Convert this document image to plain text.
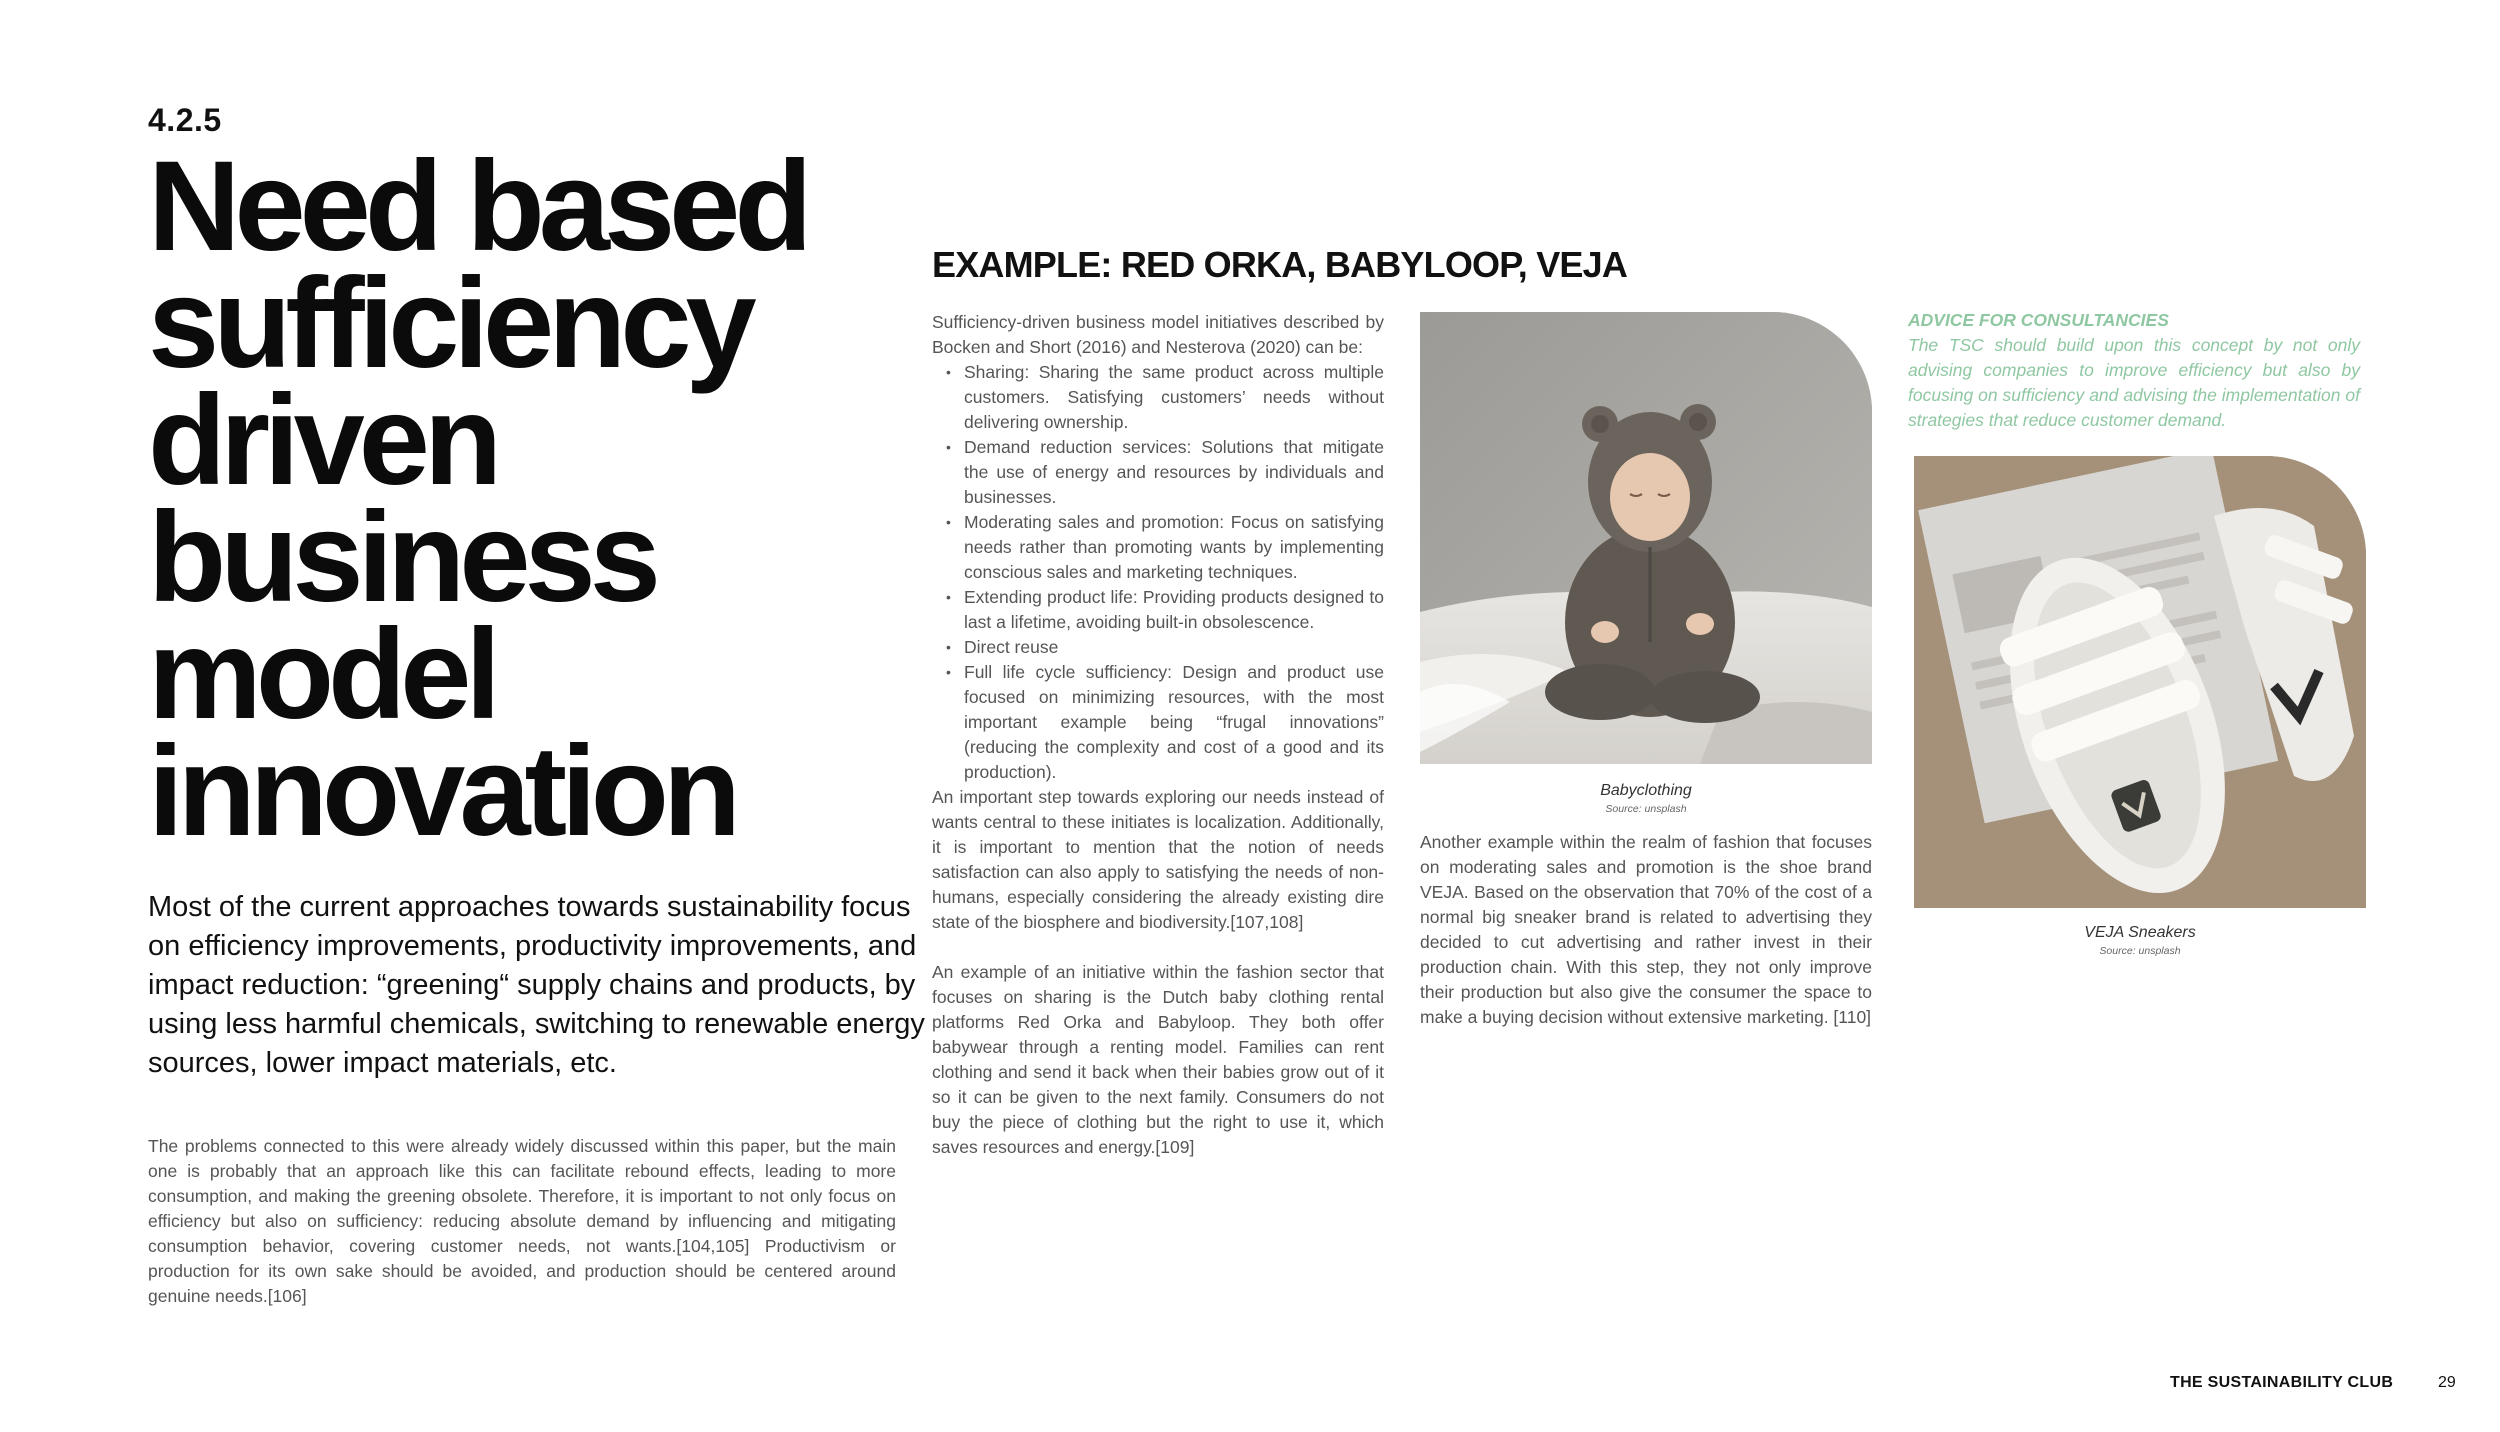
4.2.5
Need based
sufficiency
driven
business
model
innovation
Most of the current approaches towards sustainability focus on efficiency improvements, productivity improvements, and impact reduction: “greening“ supply chains and products, by using less harmful chemicals, switching to renewable energy sources, lower impact materials, etc.
The problems connected to this were already widely discussed within this paper, but the main one is probably that an approach like this can facilitate rebound effects, leading to more consumption, and making the greening obsolete. Therefore, it is important to not only focus on efficiency but also on sufficiency: reducing absolute demand by influencing and mitigating consumption behavior, covering customer needs, not wants.[104,105] Productivism or production for its own sake should be avoided, and production should be centered around genuine needs.[106]
EXAMPLE: RED ORKA, BABYLOOP, VEJA

Sufficiency-driven business model initiatives described by Bocken and Short (2016) and Nesterova (2020) can be:

• Sharing: Sharing the same product across multiple customers. Satisfying customers’ needs without delivering ownership.
• Demand reduction services: Solutions that mitigate the use of energy and resources by individuals and businesses.
• Moderating sales and promotion: Focus on satisfying needs rather than promoting wants by implementing conscious sales and marketing techniques.
• Extending product life: Providing products designed to last a lifetime, avoiding built-in obsolescence.
• Direct reuse
• Full life cycle sufficiency: Design and product use focused on minimizing resources, with the most important example being “frugal innovations” (reducing the complexity and cost of a good and its production).

An important step towards exploring our needs instead of wants central to these initiates is localization. Additionally, it is important to mention that the notion of needs satisfaction can also apply to satisfying the needs of non-humans, especially considering the already existing dire state of the biosphere and biodiversity.[107,108]

An example of an initiative within the fashion sector that focuses on sharing is the Dutch baby clothing rental platforms Red Orka and Babyloop. They both offer babywear through a renting model. Families can rent clothing and send it back when their babies grow out of it so it can be given to the next family. Consumers do not buy the piece of clothing but the right to use it, which saves resources and energy.[109]

Babyclothing
Source: unsplash
Another example within the realm of fashion that focuses on moderating sales and promotion is the shoe brand VEJA. Based on the observation that 70% of the cost of a normal big sneaker brand is related to advertising they decided to cut advertising and rather invest in their production chain. With this step, they not only improve their production but also give the consumer the space to make a buying decision without extensive marketing. [110]
ADVICE FOR CONSULTANCIES
The TSC should build upon this concept by not only advising companies to improve efficiency but also by focusing on sufficiency and advising the implementation of strategies that reduce customer demand.
VEJA Sneakers
Source: unsplash
THE SUSTAINABILITY CLUB	29
